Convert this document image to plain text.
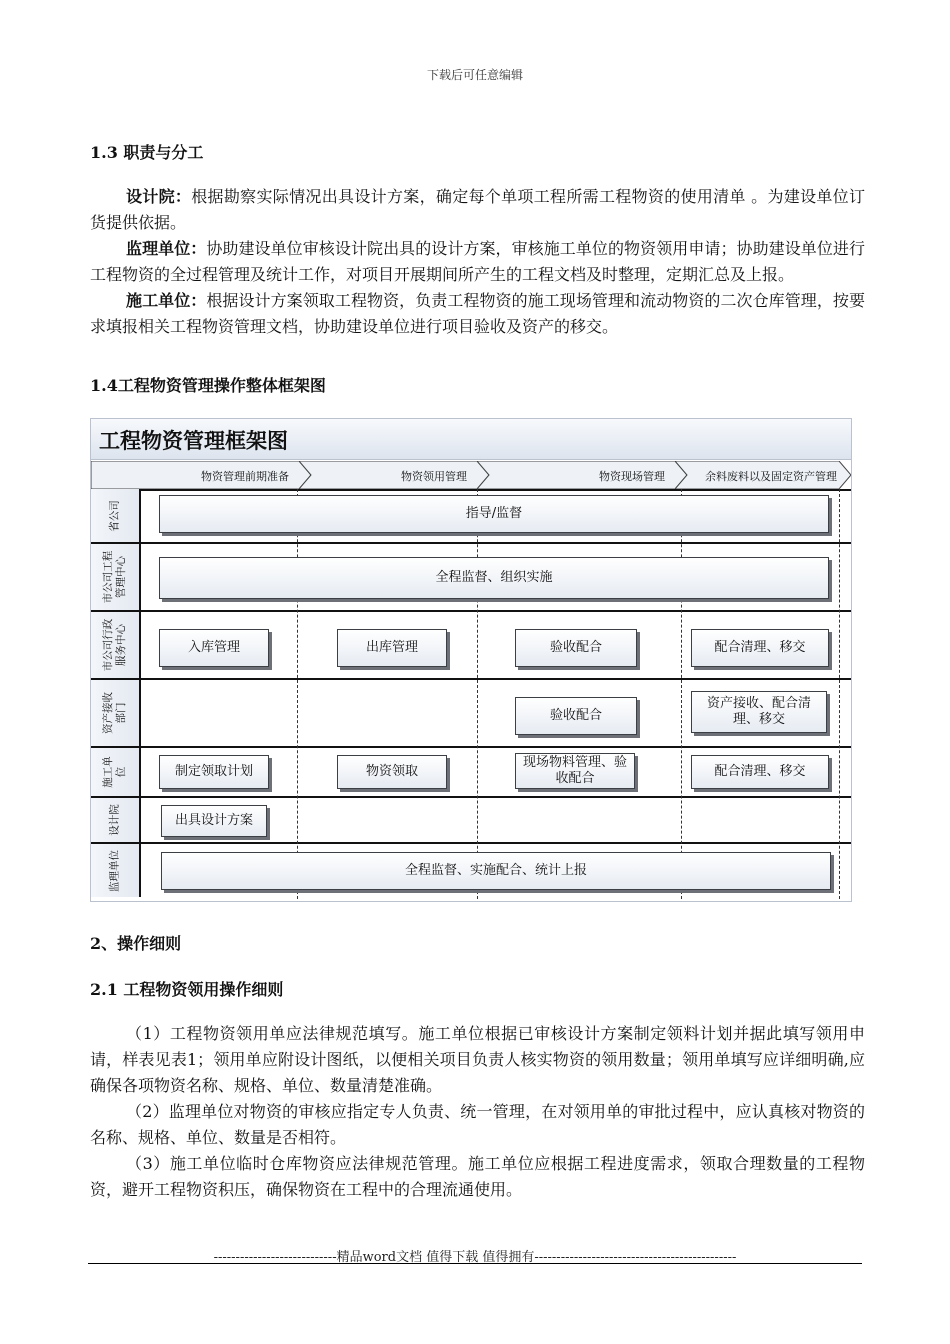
下载后可任意编辑
1.3 职责与分工

设计院：根据勘察实际情况出具设计方案，确定每个单项工程所需工程物资的使用清单 。为建设单位订货提供依据。

监理单位：协助建设单位审核设计院出具的设计方案，审核施工单位的物资领用申请；协助建设单位进行工程物资的全过程管理及统计工作，对项目开展期间所产生的工程文档及时整理，定期汇总及上报。

施工单位：根据设计方案领取工程物资，负责工程物资的施工现场管理和流动物资的二次仓库管理，按要求填报相关工程物资管理文档，协助建设单位进行项目验收及资产的移交。

1.4工程物资管理操作整体框架图
工程物资管理框架图
物资管理前期准备	物资领用管理	物资现场管理	余料废料以及固定资产管理
省公司
市公司工程管理中心
市公司行政服务中心
资产接收部门
施工单位
设计院
监理单位
指导/监督
全程监督、组织实施
入库管理	出库管理	验收配合	配合清理、移交
验收配合
资产接收、配合清理、移交
制定领取计划	物资领取
现场物料管理、验收配合	配合清理、移交
出具设计方案
全程监督、实施配合、统计上报
2、操作细则
2.1 工程物资领用操作细则

（1）工程物资领用单应法律规范填写。施工单位根据已审核设计方案制定领料计划并据此填写领用申请，样表见表1；领用单应附设计图纸，以便相关项目负责人核实物资的领用数量；领用单填写应详细明确,应确保各项物资名称、规格、单位、数量清楚准确。

（2）监理单位对物资的审核应指定专人负责、统一管理，在对领用单的审批过程中，应认真核对物资的名称、规格、单位、数量是否相符。

（3）施工单位临时仓库物资应法律规范管理。施工单位应根据工程进度需求，领取合理数量的工程物资，避开工程物资积压，确保物资在工程中的合理流通使用。

----------------------------精品word文档 值得下载 值得拥有----------------------------------------------
